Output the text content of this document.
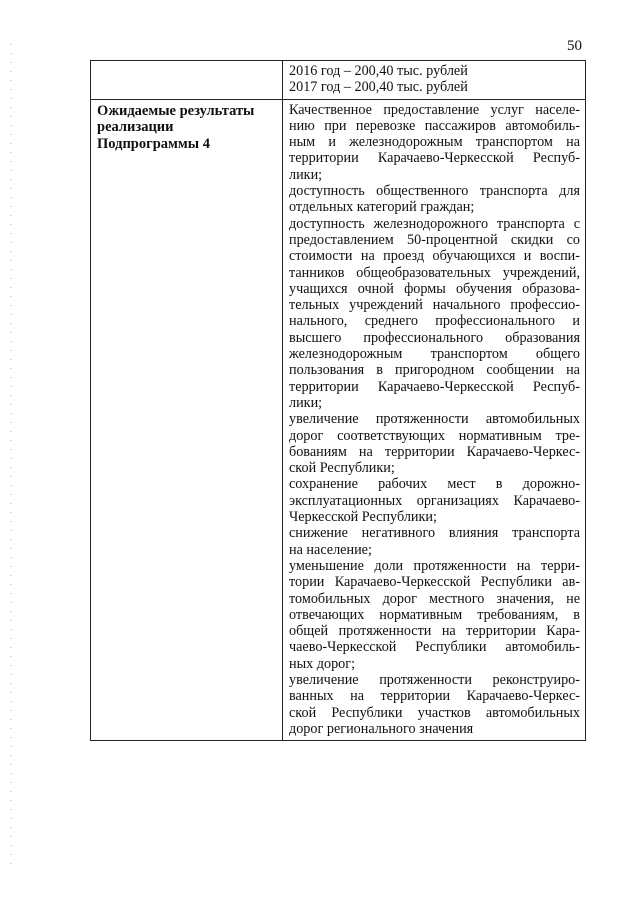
50
2016 год – 200,40 тыс. рублей
2017 год – 200,40 тыс. рублей
Ожидаемые результаты
реализации
Подпрограммы 4
Качественное предоставление услуг населе-
нию при перевозке пассажиров автомобиль-
ным и железнодорожным транспортом на
территории Карачаево-Черкесской Респуб-
лики;
доступность общественного транспорта для
отдельных категорий граждан;
доступность железнодорожного транспорта с
предоставлением 50-процентной скидки со
стоимости на проезд обучающихся и воспи-
танников общеобразовательных учреждений,
учащихся очной формы обучения образова-
тельных учреждений начального профессио-
нального, среднего профессионального и
высшего профессионального образования
железнодорожным транспортом общего
пользования в пригородном сообщении на
территории Карачаево-Черкесской Респуб-
лики;
увеличение протяженности автомобильных
дорог соответствующих нормативным тре-
бованиям на территории Карачаево-Черкес-
ской Республики;
сохранение рабочих мест в дорожно-
эксплуатационных организациях Карачаево-
Черкесской Республики;
снижение негативного влияния транспорта
на население;
уменьшение доли протяженности на терри-
тории Карачаево-Черкесской Республики ав-
томобильных дорог местного значения, не
отвечающих нормативным требованиям, в
общей протяженности на территории Кара-
чаево-Черкесской Республики автомобиль-
ных дорог;
увеличение протяженности реконструиро-
ванных на территории Карачаево-Черкес-
ской Республики участков автомобильных
дорог регионального значения
